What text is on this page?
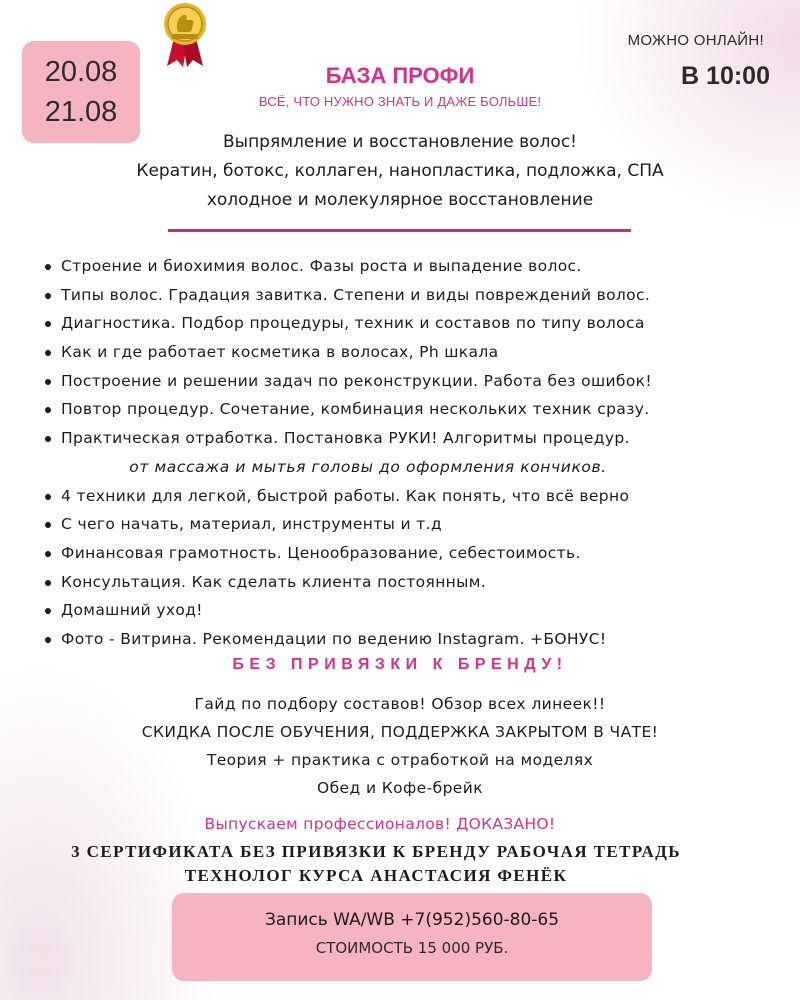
20.08
21.08
МОЖНО ОНЛАЙН!
В 10:00
БАЗА ПРОФИ
ВСЁ, ЧТО НУЖНО ЗНАТЬ И ДАЖЕ БОЛЬШЕ!
Выпрямление и восстановление волос!
Кератин, ботокс, коллаген, нанопластика, подложка, СПА
холодное и молекулярное восстановление
Строение и биохимия волос. Фазы роста и выпадение волос.
Типы волос. Градация завитка. Степени и виды повреждений волос.
Диагностика. Подбор процедуры, техник и составов по типу волоса
Как и где работает косметика в волосах, Ph шкала
Построение и решении задач по реконструкции. Работа без ошибок!
Повтор процедур. Сочетание, комбинация нескольких техник сразу.
Практическая отработка. Постановка РУКИ! Алгоритмы процедур.
от массажа и мытья головы до оформления кончиков.
4 техники для легкой, быстрой работы. Как понять, что всё верно
С чего начать, материал, инструменты и т.д
Финансовая грамотность. Ценообразование, себестоимость.
Консультация. Как сделать клиента постоянным.
Домашний уход!
Фото - Витрина. Рекомендации по ведению Instagram. +БОНУС!
БЕЗ ПРИВЯЗКИ К БРЕНДУ!
Гайд по подбору составов! Обзор всех линеек!!
СКИДКА ПОСЛЕ ОБУЧЕНИЯ, ПОДДЕРЖКА ЗАКРЫТОМ В ЧАТЕ!
Теория + практика с отработкой на моделях
Обед и Кофе-брейк
Выпускаем профессионалов! ДОКАЗАНО!
3 СЕРТИФИКАТА БЕЗ ПРИВЯЗКИ К БРЕНДУ РАБОЧАЯ ТЕТРАДЬ
ТЕХНОЛОГ КУРСА АНАСТАСИЯ ФЕНЁК
Запись WA/WB +7(952)560-80-65
СТОИМОСТЬ 15 000 РУБ.
